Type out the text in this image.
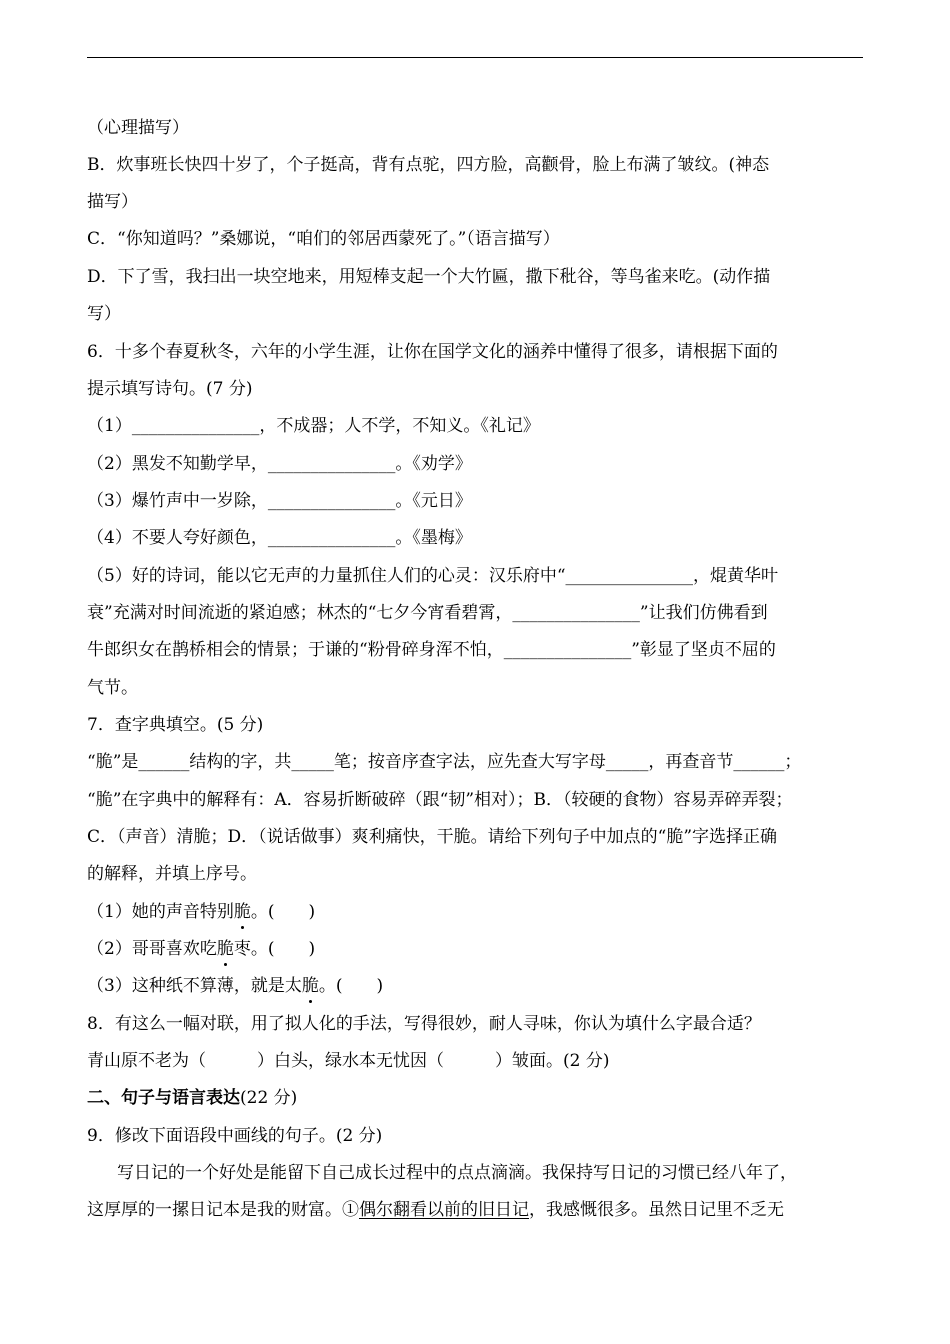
（心理描写）
B．炊事班长快四十岁了，个子挺高，背有点驼，四方脸，高颧骨，脸上布满了皱纹。(神态
描写）
C．“你知道吗？”桑娜说，“咱们的邻居西蒙死了。”（语言描写）
D．下了雪，我扫出一块空地来，用短棒支起一个大竹匾，撒下秕谷，等鸟雀来吃。(动作描
写）
6．十多个春夏秋冬，六年的小学生涯，让你在国学文化的涵养中懂得了很多，请根据下面的
提示填写诗句。(7 分)
（1）_______________，不成器；人不学，不知义。《礼记》
（2）黑发不知勤学早，_______________。《劝学》
（3）爆竹声中一岁除，_______________。《元日》
（4）不要人夸好颜色，_______________。《墨梅》
（5）好的诗词，能以它无声的力量抓住人们的心灵：汉乐府中“_______________，焜黄华叶
衰”充满对时间流逝的紧迫感；林杰的“七夕今宵看碧霄，_______________”让我们仿佛看到
牛郎织女在鹊桥相会的情景；于谦的“粉骨碎身浑不怕，_______________”彰显了坚贞不屈的
气节。
7．查字典填空。(5 分)
“脆”是______结构的字，共_____笔；按音序查字法，应先查大写字母_____，再查音节______；
“脆”在字典中的解释有：A．容易折断破碎（跟“韧”相对）；B．（较硬的食物）容易弄碎弄裂；
C．（声音）清脆；D．（说话做事）爽利痛快，干脆。请给下列句子中加点的“脆”字选择正确
的解释，并填上序号。
（1）她的声音特别脆。(　　)
（2）哥哥喜欢吃脆枣。(　　)
（3）这种纸不算薄，就是太脆。(　　)
8．有这么一幅对联，用了拟人化的手法，写得很妙，耐人寻味，你认为填什么字最合适？
青山原不老为（　　　）白头，绿水本无忧因（　　　）皱面。(2 分)
二、句子与语言表达(22 分)
9．修改下面语段中画线的句子。(2 分)
写日记的一个好处是能留下自己成长过程中的点点滴滴。我保持写日记的习惯已经八年了，
这厚厚的一摞日记本是我的财富。①偶尔翻看以前的旧日记，我感慨很多。虽然日记里不乏无
